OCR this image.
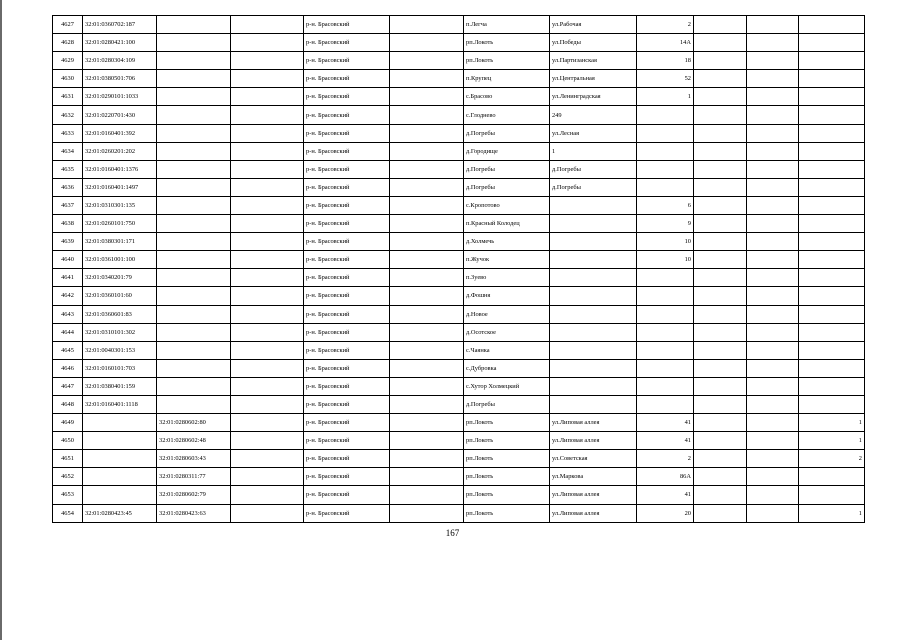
4627	32:01:0360702:187			р-н. Брасовский		п.Легча	ул.Рабочая	2			
4628	32:01:0280421:100			р-н. Брасовский		рп.Локоть	ул.Победы	14А			
4629	32:01:0280304:109			р-н. Брасовский		рп.Локоть	ул.Партизанская	18			
4630	32:01:0380501:706			р-н. Брасовский		п.Крупец	ул.Центральная	52			
4631	32:01:0290101:1033			р-н. Брасовский		с.Брасово	ул.Ленинградская	1			
4632	32:01:0220701:430			р-н. Брасовский		с.Глоднево	249				
4633	32:01:0160401:392			р-н. Брасовский		д.Погребы	ул.Лесная				
4634	32:01:0260201:202			р-н. Брасовский		д.Городище	1				
4635	32:01:0160401:1376			р-н. Брасовский		д.Погребы	д.Погребы				
4636	32:01:0160401:1497			р-н. Брасовский		д.Погребы	д.Погребы				
4637	32:01:0310301:135			р-н. Брасовский		с.Кропотово		6			
4638	32:01:0260101:750			р-н. Брасовский		п.Красный Колодец		9			
4639	32:01:0380301:171			р-н. Брасовский		д.Холмечь		10			
4640	32:01:0361001:100			р-н. Брасовский		п.Жучок		10			
4641	32:01:0340201:79			р-н. Брасовский		п.Зуево					
4642	32:01:0360101:60			р-н. Брасовский		д.Фошня					
4643	32:01:0360601:83			р-н. Брасовский		д.Новое					
4644	32:01:0310101:302			р-н. Брасовский		д.Осотское					
4645	32:01:0040301:153			р-н. Брасовский		с.Чаянка					
4646	32:01:0160101:703			р-н. Брасовский		с.Дубровка					
4647	32:01:0380401:159			р-н. Брасовский		с.Хутор Холмецкий					
4648	32:01:0160401:1118			р-н. Брасовский		д.Погребы					
4649		32:01:0280602:80		р-н. Брасовский		рп.Локоть	ул.Липовая аллея	41			1
4650		32:01:0280602:48		р-н. Брасовский		рп.Локоть	ул.Липовая аллея	41			1
4651		32:01:0280603:43		р-н. Брасовский		рп.Локоть	ул.Советская	2			2
4652		32:01:0280311:77		р-н. Брасовский		рп.Локоть	ул.Маркова	86А			
4653		32:01:0280602:79		р-н. Брасовский		рп.Локоть	ул.Липовая аллея	41			
4654	32:01:0280423:45	32:01:0280423:63		р-н. Брасовский		рп.Локоть	ул.Липовая аллея	20			1
167
